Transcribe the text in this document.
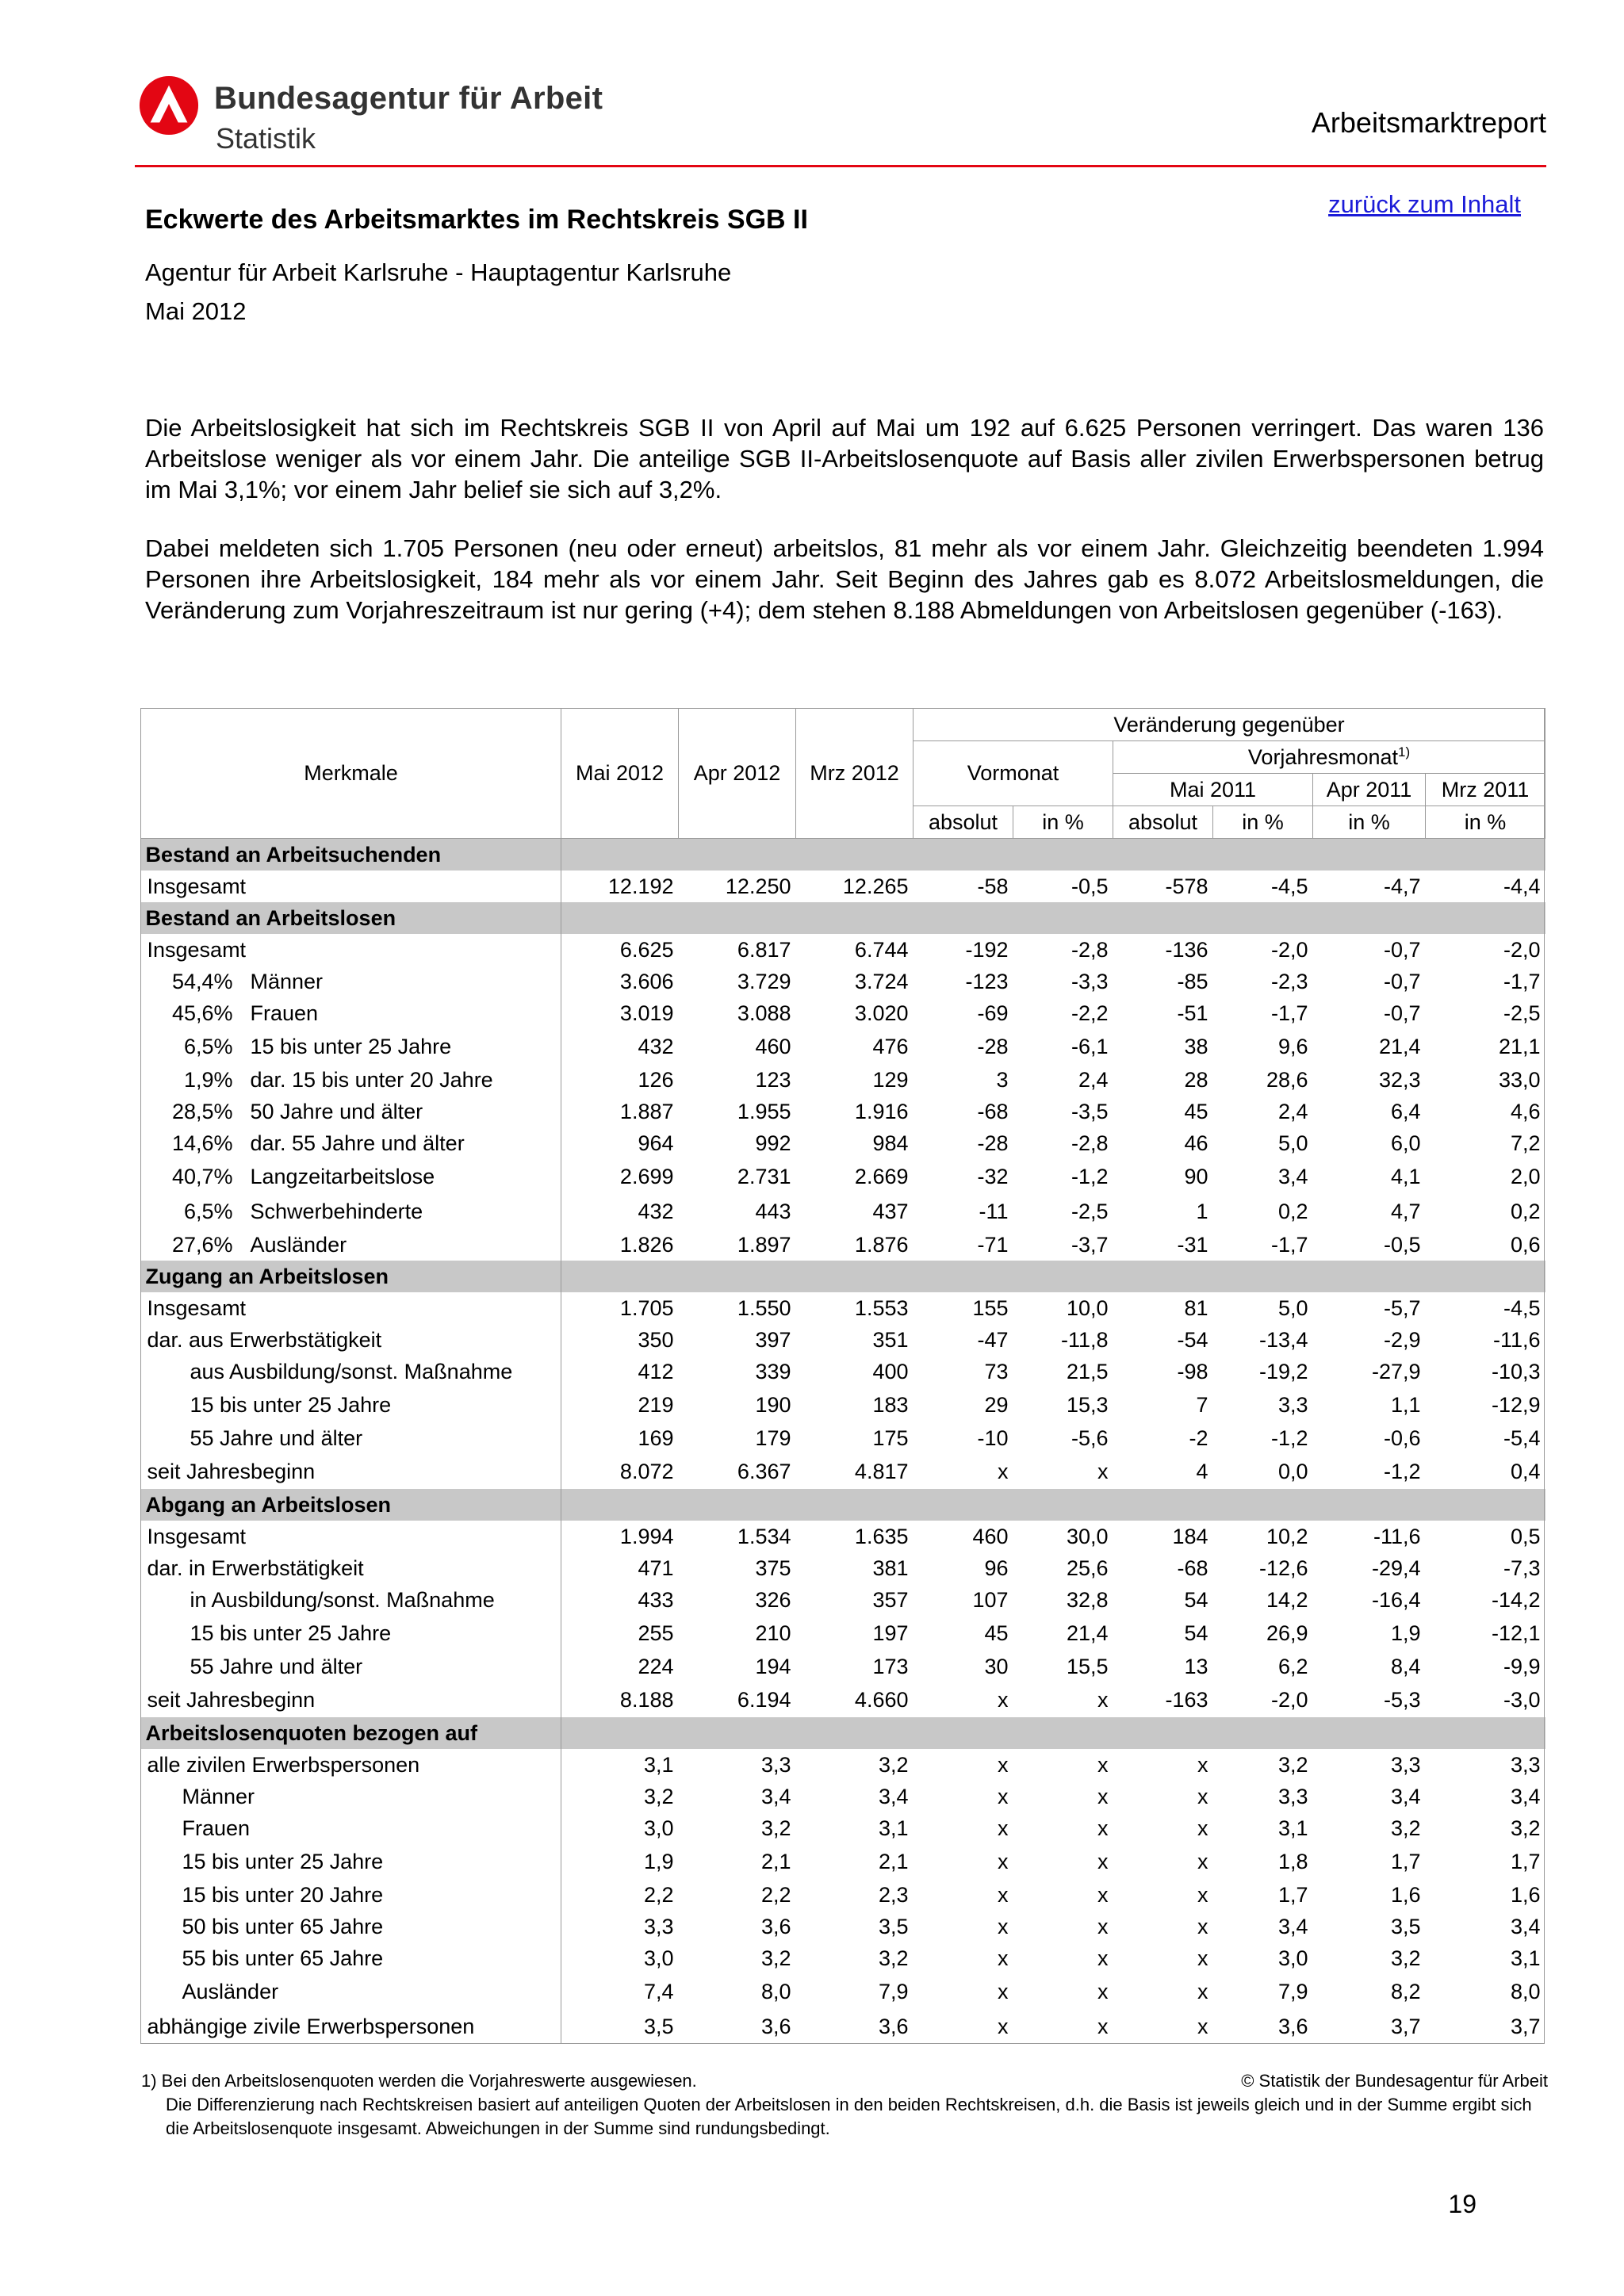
Bundesagentur für Arbeit
Statistik	Arbeitsmarktreport
zurück zum Inhalt
Eckwerte des Arbeitsmarktes im Rechtskreis SGB II
Agentur für Arbeit Karlsruhe - Hauptagentur Karlsruhe
Mai 2012
Die Arbeitslosigkeit hat sich im Rechtskreis SGB II von April auf Mai um 192 auf 6.625 Personen verringert. Das waren 136 Arbeitslose weniger als vor einem Jahr. Die anteilige SGB II-Arbeitslosenquote auf Basis aller zivilen Erwerbspersonen betrug im Mai 3,1%; vor einem Jahr belief sie sich auf 3,2%.
Dabei meldeten sich 1.705 Personen (neu oder erneut) arbeitslos, 81 mehr als vor einem Jahr. Gleichzeitig beendeten 1.994 Personen ihre Arbeitslosigkeit, 184 mehr als vor einem Jahr. Seit Beginn des Jahres gab es 8.072 Arbeitslosmeldungen, die Veränderung zum Vorjahreszeitraum ist nur gering (+4); dem stehen 8.188 Abmeldungen von Arbeitslosen gegenüber (-163).
Merkmale	Mai 2012	Apr 2012	Mrz 2012	Veränderung gegenüber					
				Vormonat		Vorjahresmonat$^{1)}$
						Mai 2011		Apr 2011	Mrz 2011
				absolut	in %	absolut	in %	in %	in %
Bestand an Arbeitsuchenden									
Insgesamt	12.192	12.250	12.265	-58	-0,5	-578	-4,5	-4,7	-4,4
Bestand an Arbeitslosen									
Insgesamt	6.625	6.817	6.744	-192	-2,8	-136	-2,0	-0,7	-2,0
54,4% Männer	3.606	3.729	3.724	-123	-3,3	-85	-2,3	-0,7	-1,7
45,6% Frauen	3.019	3.088	3.020	-69	-2,2	-51	-1,7	-0,7	-2,5
6,5% 15 bis unter 25 Jahre	432	460	476	-28	-6,1	38	9,6	21,4	21,1
1,9% dar. 15 bis unter 20 Jahre	126	123	129	3	2,4	28	28,6	32,3	33,0
28,5% 50 Jahre und älter	1.887	1.955	1.916	-68	-3,5	45	2,4	6,4	4,6
14,6% dar. 55 Jahre und älter	964	992	984	-28	-2,8	46	5,0	6,0	7,2
40,7% Langzeitarbeitslose	2.699	2.731	2.669	-32	-1,2	90	3,4	4,1	2,0
6,5% Schwerbehinderte	432	443	437	-11	-2,5	1	0,2	4,7	0,2
27,6% Ausländer	1.826	1.897	1.876	-71	-3,7	-31	-1,7	-0,5	0,6
Zugang an Arbeitslosen									
Insgesamt	1.705	1.550	1.553	155	10,0	81	5,0	-5,7	-4,5
dar. aus Erwerbstätigkeit	350	397	351	-47	-11,8	-54	-13,4	-2,9	-11,6
aus Ausbildung/sonst. Maßnahme	412	339	400	73	21,5	-98	-19,2	-27,9	-10,3
15 bis unter 25 Jahre	219	190	183	29	15,3	7	3,3	1,1	-12,9
55 Jahre und älter	169	179	175	-10	-5,6	-2	-1,2	-0,6	-5,4
seit Jahresbeginn	8.072	6.367	4.817	x	x	4	0,0	-1,2	0,4
Abgang an Arbeitslosen									
Insgesamt	1.994	1.534	1.635	460	30,0	184	10,2	-11,6	0,5
dar. in Erwerbstätigkeit	471	375	381	96	25,6	-68	-12,6	-29,4	-7,3
in Ausbildung/sonst. Maßnahme	433	326	357	107	32,8	54	14,2	-16,4	-14,2
15 bis unter 25 Jahre	255	210	197	45	21,4	54	26,9	1,9	-12,1
55 Jahre und älter	224	194	173	30	15,5	13	6,2	8,4	-9,9
seit Jahresbeginn	8.188	6.194	4.660	x	x	-163	-2,0	-5,3	-3,0
Arbeitslosenquoten bezogen auf									
alle zivilen Erwerbspersonen	3,1	3,3	3,2	x	x	x	3,2	3,3	3,3
Männer	3,2	3,4	3,4	x	x	x	3,3	3,4	3,4
Frauen	3,0	3,2	3,1	x	x	x	3,1	3,2	3,2
15 bis unter 25 Jahre	1,9	2,1	2,1	x	x	x	1,8	1,7	1,7
15 bis unter 20 Jahre	2,2	2,2	2,3	x	x	x	1,7	1,6	1,6
50 bis unter 65 Jahre	3,3	3,6	3,5	x	x	x	3,4	3,5	3,4
55 bis unter 65 Jahre	3,0	3,2	3,2	x	x	x	3,0	3,2	3,1
Ausländer	7,4	8,0	7,9	x	x	x	7,9	8,2	8,0
abhängige zivile Erwerbspersonen	3,5	3,6	3,6	x	x	x	3,6	3,7	3,7
1) Bei den Arbeitslosenquoten werden die Vorjahreswerte ausgewiesen.	© Statistik der Bundesagentur für Arbeit
Die Differenzierung nach Rechtskreisen basiert auf anteiligen Quoten der Arbeitslosen in den beiden Rechtskreisen, d.h. die Basis ist jeweils gleich und in der Summe ergibt sich die Arbeitslosenquote insgesamt. Abweichungen in der Summe sind rundungsbedingt.
19
